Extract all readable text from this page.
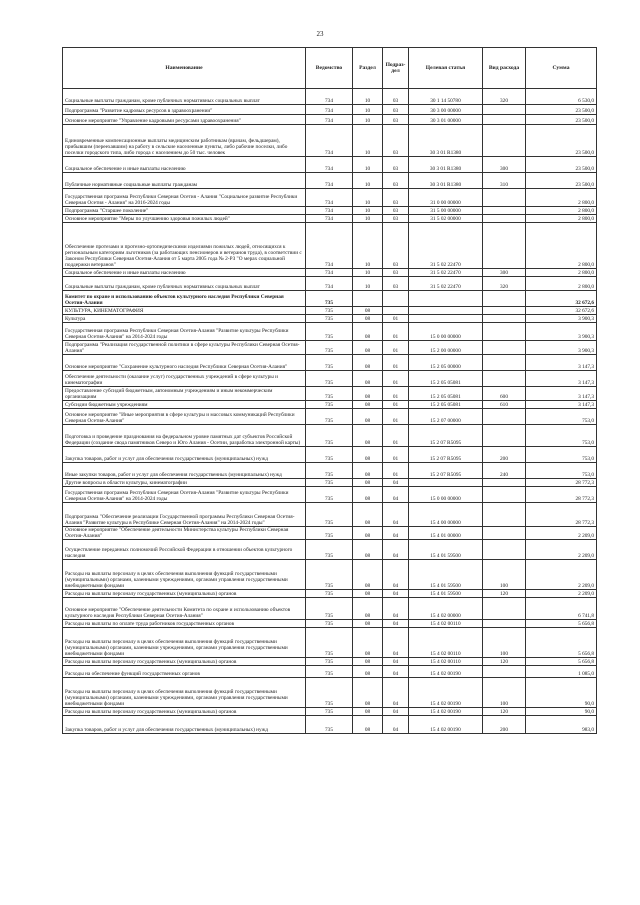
23
Наименование	Ведомство	Раздел	Подраз-дел	Целевая статья	Вид расхода	Сумма
Социальные выплаты гражданам, кроме публичных нормативных социальных выплат	734	10	03	30 1 14 50780	320	6 530,0
Подпрограмма "Развитие кадровых ресурсов в здравоохранении"	734	10	03	30 3 00 00000		23 500,0
Основное мероприятие "Управление кадровыми ресурсами здравоохранения"	734	10	03	30 3 01 00000		23 500,0
Единовременные компенсационные выплаты медицинским работникам (врачам, фельдшерам), прибывшим (переехавшим) на работу в сельские населенные пункты, либо рабочие поселки, либо поселки городского типа, либо города с населением до 50 тыс. человек	734	10	03	30 3 01 R1380		23 500,0
Социальное обеспечение и иные выплаты населению	734	10	03	30 3 01 R1380	300	23 500,0
Публичные нормативные социальные выплаты гражданам	734	10	03	30 3 01 R1380	310	23 500,0
Государственная программа Республики Северная Осетия - Алания "Социальное развитие Республики Северная Осетия - Алания" на 2016-2024 годы	734	10	03	31 0 00 00000		2 800,0
Подпрограмма "Старшее поколение"	734	10	03	31 5 00 00000		2 800,0
Основное мероприятие "Меры по улучшению здоровья пожилых людей"	734	10	03	31 5 02 00000		2 800,0
Обеспечение протезами и протезно-ортопедическими изделиями пожилых людей, относящихся к региональным категориям льготников (за работающих пенсионеров и ветеранов труда), в соответствии с Законом Республики Северная Осетия-Алания от 5 марта 2005 года № 2-РЗ "О мерах социальной поддержки ветеранов"	734	10	03	31 5 02 22470		2 800,0
Социальное обеспечение и иные выплаты населению	734	10	03	31 5 02 22470	300	2 800,0
Социальные выплаты гражданам, кроме публичных нормативных социальных выплат	734	10	03	31 5 02 22470	320	2 800,0
Комитет по охране и использованию объектов культурного наследия Республики Северная Осетия-Алания	735					32 672,6
КУЛЬТУРА, КИНЕМАТОГРАФИЯ	735	08				32 672,6
Культура	735	08	01			3 900,3
Государственная программа Республики Северная Осетия-Алания "Развитие культуры Республики Северная Осетия-Алания" на 2014-2024 годы	735	08	01	15 0 00 00000		3 900,3
Подпрограмма "Реализация государственной политики в сфере культуры Республики Северная Осетия-Алания"	735	08	01	15 2 00 00000		3 900,3
Основное мероприятие "Сохранение культурного наследия Республики Северная Осетия-Алания"	735	08	01	15 2 05 00000		3 147,3
Обеспечение деятельности (оказание услуг) государственных учреждений в сфере культуры и кинематографии	735	08	01	15 2 05 05081		3 147,3
Предоставление субсидий бюджетным, автономным учреждениям и иным некоммерческим организациям	735	08	01	15 2 05 05081	600	3 147,3
Субсидии бюджетным учреждениям	735	08	01	15 2 05 05081	610	3 147,3
Основное мероприятие "Иные мероприятия в сфере культуры и массовых коммуникаций Республики Северная Осетия-Алания"	735	08	01	15 2 07 00000		753,0
Подготовка и проведение празднования на федеральном уровне памятных дат субъектов Российской Федерации (создание свода памятников Северо и Юго Алания - Осетии, разработка электронной карты)	735	08	01	15 2 07 R5095		753,0
Закупка товаров, работ и услуг для обеспечения государственных (муниципальных) нужд	735	08	01	15 2 07 R5095	200	753,0
Иные закупки товаров, работ и услуг для обеспечения государственных (муниципальных) нужд	735	08	01	15 2 07 R5095	240	753,0
Другие вопросы в области культуры, кинематографии	735	08	04			28 772,3
Государственная программа Республики Северная Осетия-Алания "Развитие культуры Республики Северная Осетия-Алания" на 2014-2024 годы	735	08	04	15 0 00 00000		28 772,3
Подпрограмма "Обеспечение реализации Государственной программы Республики Северная Осетия-Алания "Развитие культуры в Республике Северная Осетия-Алания" на 2014-2024 годы"	735	08	04	15 4 00 00000		28 772,3
Основное мероприятие "Обеспечение деятельности Министерства культуры Республики Северная Осетия-Алания"	735	08	04	15 4 01 00000		2 209,0
Осуществление переданных полномочий Российской Федерации в отношении объектов культурного наследия	735	08	04	15 4 01 59500		2 209,0
Расходы на выплаты персоналу в целях обеспечения выполнения функций государственными (муниципальными) органами, казенными учреждениями, органами управления государственными внебюджетными фондами	735	08	04	15 4 01 59500	100	2 209,0
Расходы на выплаты персоналу государственных (муниципальных) органов	735	08	04	15 4 01 59500	120	2 209,0
Основное мероприятие "Обеспечение деятельности Комитета по охране и использованию объектов культурного наследия Республики Северная Осетия-Алания"	735	08	04	15 4 02 00000		6 741,8
Расходы на выплаты по оплате труда работников государственных органов	735	08	04	15 4 02 00110		5 656,8
Расходы на выплаты персоналу в целях обеспечения выполнения функций государственными (муниципальными) органами, казенными учреждениями, органами управления государственными внебюджетными фондами	735	08	04	15 4 02 00110	100	5 656,8
Расходы на выплаты персоналу государственных (муниципальных) органов	735	08	04	15 4 02 00110	120	5 656,8
Расходы на обеспечение функций государственных органов	735	08	04	15 4 02 00190		1 085,0
Расходы на выплаты персоналу в целях обеспечения выполнения функций государственными (муниципальными) органами, казенными учреждениями, органами управления государственными внебюджетными фондами	735	08	04	15 4 02 00190	100	90,0
Расходы на выплаты персоналу государственных (муниципальных) органов	735	08	04	15 4 02 00190	120	90,0
Закупка товаров, работ и услуг для обеспечения государственных (муниципальных) нужд	735	08	04	15 4 02 00190	200	983,0
